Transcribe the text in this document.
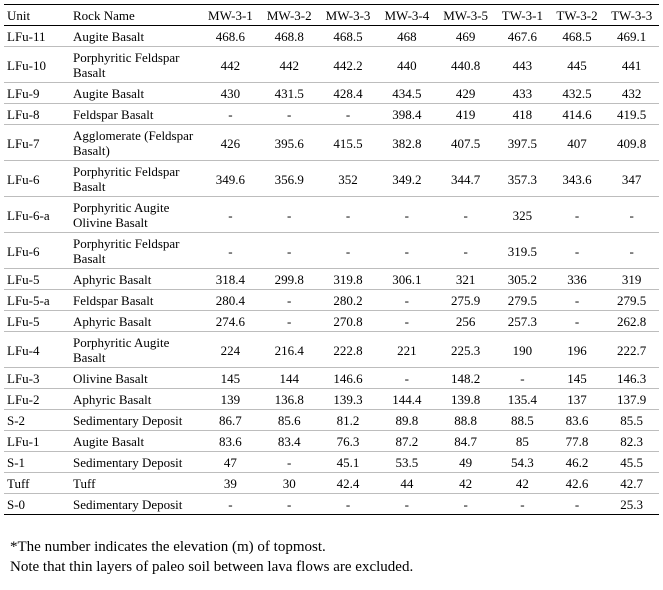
Unit	Rock Name	MW-3-1	MW-3-2	MW-3-3	MW-3-4	MW-3-5	TW-3-1	TW-3-2	TW-3-3
LFu-11	Augite Basalt	468.6	468.8	468.5	468	469	467.6	468.5	469.1
LFu-10	Porphyritic Feldspar Basalt	442	442	442.2	440	440.8	443	445	441
LFu-9	Augite Basalt	430	431.5	428.4	434.5	429	433	432.5	432
LFu-8	Feldspar Basalt	-	-	-	398.4	419	418	414.6	419.5
LFu-7	Agglomerate (Feldspar Basalt)	426	395.6	415.5	382.8	407.5	397.5	407	409.8
LFu-6	Porphyritic Feldspar Basalt	349.6	356.9	352	349.2	344.7	357.3	343.6	347
LFu-6-a	Porphyritic Augite Olivine Basalt	-	-	-	-	-	325	-	-
LFu-6	Porphyritic Feldspar Basalt	-	-	-	-	-	319.5	-	-
LFu-5	Aphyric Basalt	318.4	299.8	319.8	306.1	321	305.2	336	319
LFu-5-a	Feldspar Basalt	280.4	-	280.2	-	275.9	279.5	-	279.5
LFu-5	Aphyric Basalt	274.6	-	270.8	-	256	257.3	-	262.8
LFu-4	Porphyritic Augite Basalt	224	216.4	222.8	221	225.3	190	196	222.7
LFu-3	Olivine Basalt	145	144	146.6	-	148.2	-	145	146.3
LFu-2	Aphyric Basalt	139	136.8	139.3	144.4	139.8	135.4	137	137.9
S-2	Sedimentary Deposit	86.7	85.6	81.2	89.8	88.8	88.5	83.6	85.5
LFu-1	Augite Basalt	83.6	83.4	76.3	87.2	84.7	85	77.8	82.3
S-1	Sedimentary Deposit	47	-	45.1	53.5	49	54.3	46.2	45.5
Tuff	Tuff	39	30	42.4	44	42	42	42.6	42.7
S-0	Sedimentary Deposit	-	-	-	-	-	-	-	25.3
*The number indicates the elevation (m) of topmost.
Note that thin layers of paleo soil between lava flows are excluded.
